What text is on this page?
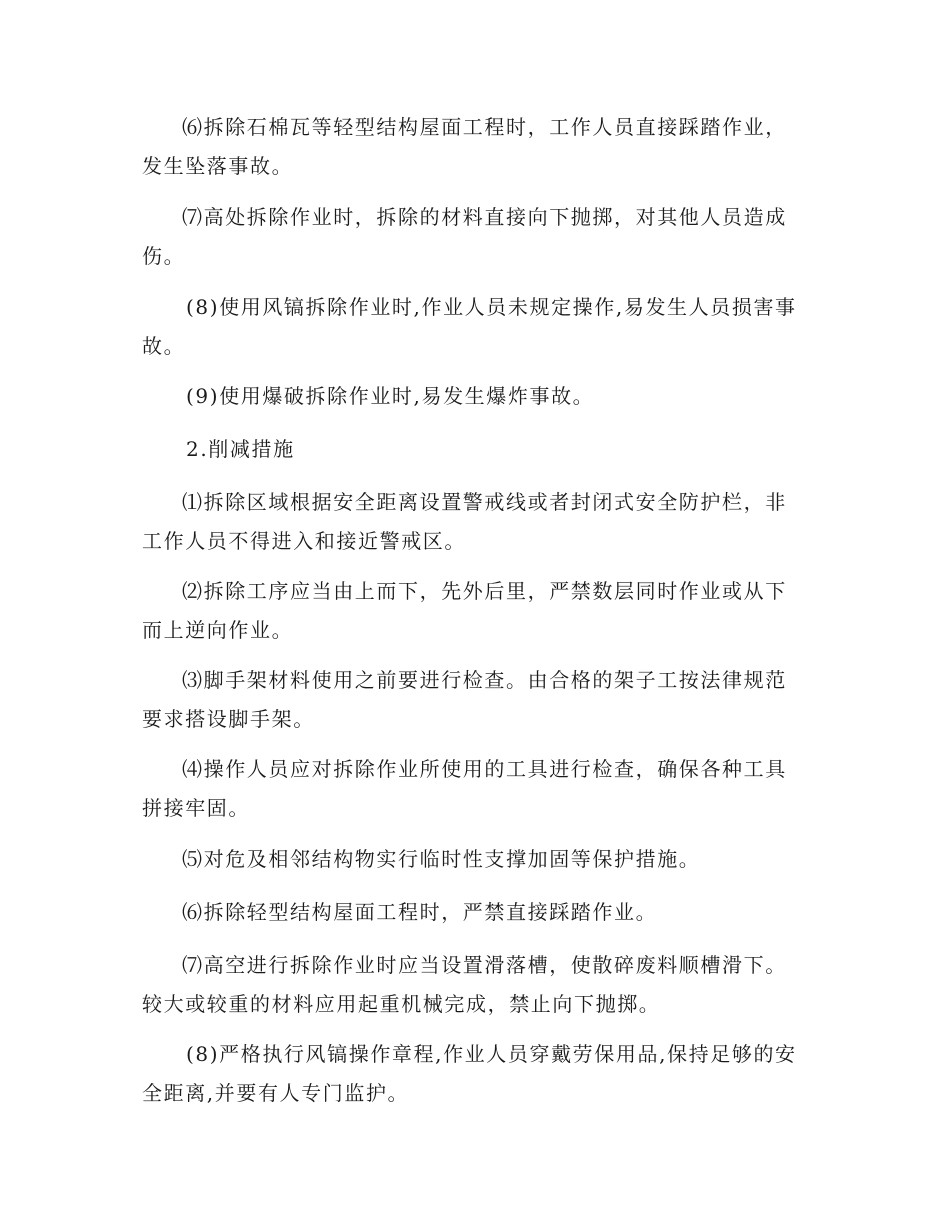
⑹拆除石棉瓦等轻型结构屋面工程时，工作人员直接踩踏作业，
发生坠落事故。
⑺高处拆除作业时，拆除的材料直接向下抛掷，对其他人员造成
伤。
(8)使用风镐拆除作业时,作业人员未规定操作,易发生人员损害事
故。
(9)使用爆破拆除作业时,易发生爆炸事故。
2.削减措施
⑴拆除区域根据安全距离设置警戒线或者封闭式安全防护栏，非
工作人员不得进入和接近警戒区。
⑵拆除工序应当由上而下，先外后里，严禁数层同时作业或从下
而上逆向作业。
⑶脚手架材料使用之前要进行检查。由合格的架子工按法律规范
要求搭设脚手架。
⑷操作人员应对拆除作业所使用的工具进行检查，确保各种工具
拼接牢固。
⑸对危及相邻结构物实行临时性支撑加固等保护措施。
⑹拆除轻型结构屋面工程时，严禁直接踩踏作业。
⑺高空进行拆除作业时应当设置滑落槽，使散碎废料顺槽滑下。
较大或较重的材料应用起重机械完成，禁止向下抛掷。
(8)严格执行风镐操作章程,作业人员穿戴劳保用品,保持足够的安
全距离,并要有人专门监护。
